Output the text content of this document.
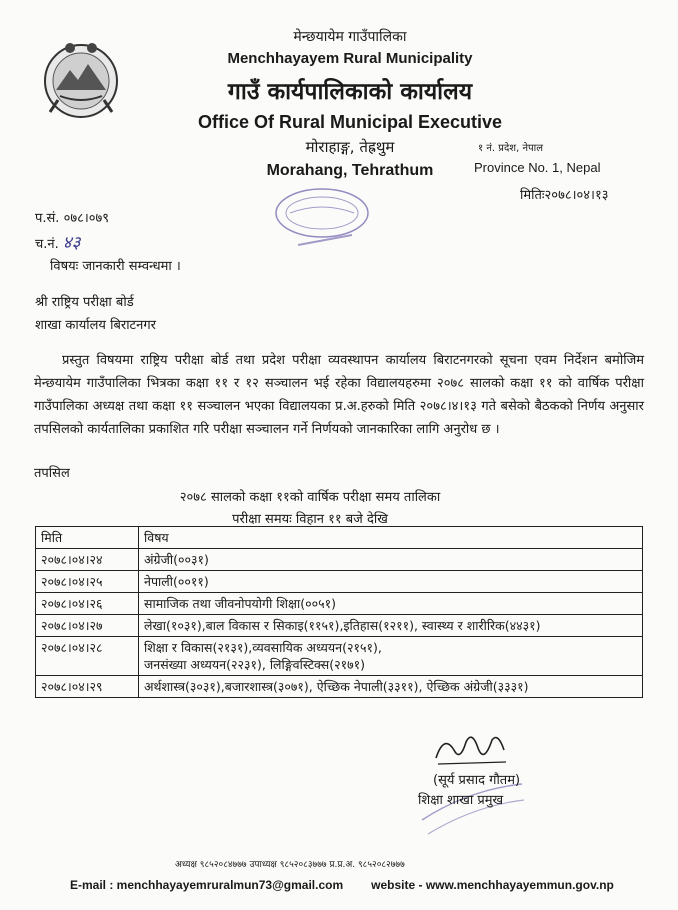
मेन्छयायेम गाउँपालिका
Menchhayayem Rural Municipality
गाउँ कार्यपालिकाको कार्यालय
Office Of Rural Municipal Executive
मोराहाङ्ग, तेह्रथुम
Morahang, Tehrathum
१ नं. प्रदेश, नेपाल
Province No. 1, Nepal
मितिः२०७८।०४।१३
प.सं. ०७८।०७९
च.नं. ४३
विषयः जानकारी सम्वन्धमा ।
श्री राष्ट्रिय परीक्षा बोर्ड
शाखा कार्यालय बिराटनगर
प्रस्तुत विषयमा राष्ट्रिय परीक्षा बोर्ड तथा प्रदेश परीक्षा व्यवस्थापन कार्यालय बिराटनगरको सूचना एवम निर्देशन बमोजिम मेन्छयायेम गाउँपालिका भित्रका कक्षा ११ र १२ सञ्चालन भई रहेका विद्यालयहरुमा २०७८ सालको कक्षा ११ को वार्षिक परीक्षा गाउँपालिका अध्यक्ष तथा कक्षा ११ सञ्चालन भएका विद्यालयका प्र.अ.हरुको मिति २०७८।४।१३ गते बसेको बैठकको निर्णय अनुसार तपसिलको कार्यतालिका प्रकाशित गरि परीक्षा सञ्चालन गर्ने निर्णयको जानकारिका लागि अनुरोध छ ।
तपसिल
२०७८ सालको कक्षा ११को वार्षिक परीक्षा समय तालिका
परीक्षा समयः विहान ११ बजे देखि
मिति	विषय
२०७८।०४।२४	अंग्रेजी(००३१)
२०७८।०४।२५	नेपाली(००११)
२०७८।०४।२६	सामाजिक तथा जीवनोपयोगी शिक्षा(००५१)
२०७८।०४।२७	लेखा(१०३१),बाल विकास र सिकाइ(११५१),इतिहास(१२११), स्वास्थ्य र शारीरिक(४४३१)
२०७८।०४।२८	शिक्षा र विकास(२१३१),व्यवसायिक अध्ययन(२१५१),
जनसंख्या अध्ययन(२२३१), लिङ्गिवस्टिक्स(२१७१)

२०७८।०४।२९	अर्थशास्त्र(३०३१),बजारशास्त्र(३०७१), ऐच्छिक नेपाली(३३११), ऐच्छिक अंग्रेजी(३३३१)
(सूर्य प्रसाद गौतम)
शिक्षा शाखा प्रमुख
अध्यक्ष ९८५२०८४७७७ उपाध्यक्ष ९८५२०८३७७७ प्र.प्र.अ. ९८५२०८२७७७
E-mail : menchhayayemruralmun73@gmail.com website - www.menchhayayemmun.gov.np
